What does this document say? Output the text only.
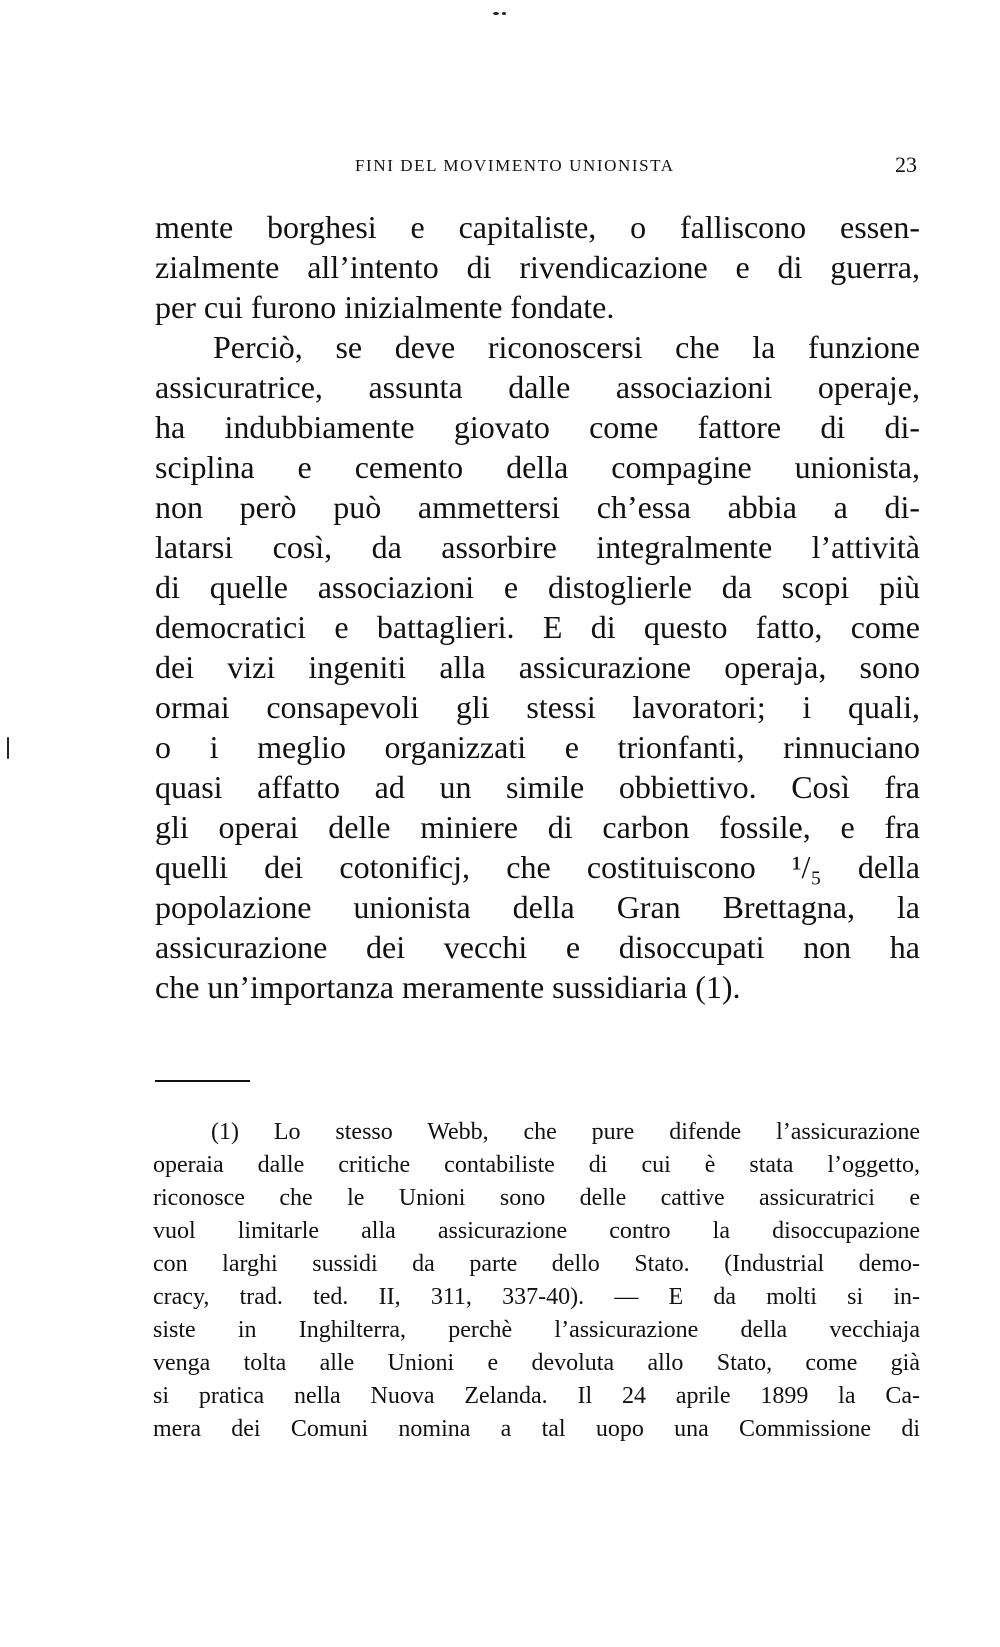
FINI DEL MOVIMENTO UNIONISTA	23
mente borghesi e capitaliste, o falliscono essen-
zialmente all’intento di rivendicazione e di guerra,
per cui furono inizialmente fondate.
Perciò, se deve riconoscersi che la funzione
assicuratrice, assunta dalle associazioni operaje,
ha indubbiamente giovato come fattore di di-
sciplina e cemento della compagine unionista,
non però può ammettersi ch’essa abbia a di-
latarsi così, da assorbire integralmente l’attività
di quelle associazioni e distoglierle da scopi più
democratici e battaglieri. E di questo fatto, come
dei vizi ingeniti alla assicurazione operaja, sono
ormai consapevoli gli stessi lavoratori; i quali,
o i meglio organizzati e trionfanti, rinnuciano
quasi affatto ad un simile obbiettivo. Così fra
gli operai delle miniere di carbon fossile, e fra
quelli dei cotonificj, che costituiscono ¹/₅ della
popolazione unionista della Gran Brettagna, la
assicurazione dei vecchi e disoccupati non ha
che un’importanza meramente sussidiaria (1).
(1) Lo stesso Webb, che pure difende l’assicurazione
operaia dalle critiche contabiliste di cui è stata l’oggetto,
riconosce che le Unioni sono delle cattive assicuratrici e
vuol limitarle alla assicurazione contro la disoccupazione
con larghi sussidi da parte dello Stato. (Industrial demo-
cracy, trad. ted. II, 311, 337-40). — E da molti si in-
siste in Inghilterra, perchè l’assicurazione della vecchiaja
venga tolta alle Unioni e devoluta allo Stato, come già
si pratica nella Nuova Zelanda. Il 24 aprile 1899 la Ca-
mera dei Comuni nomina a tal uopo una Commissione di
